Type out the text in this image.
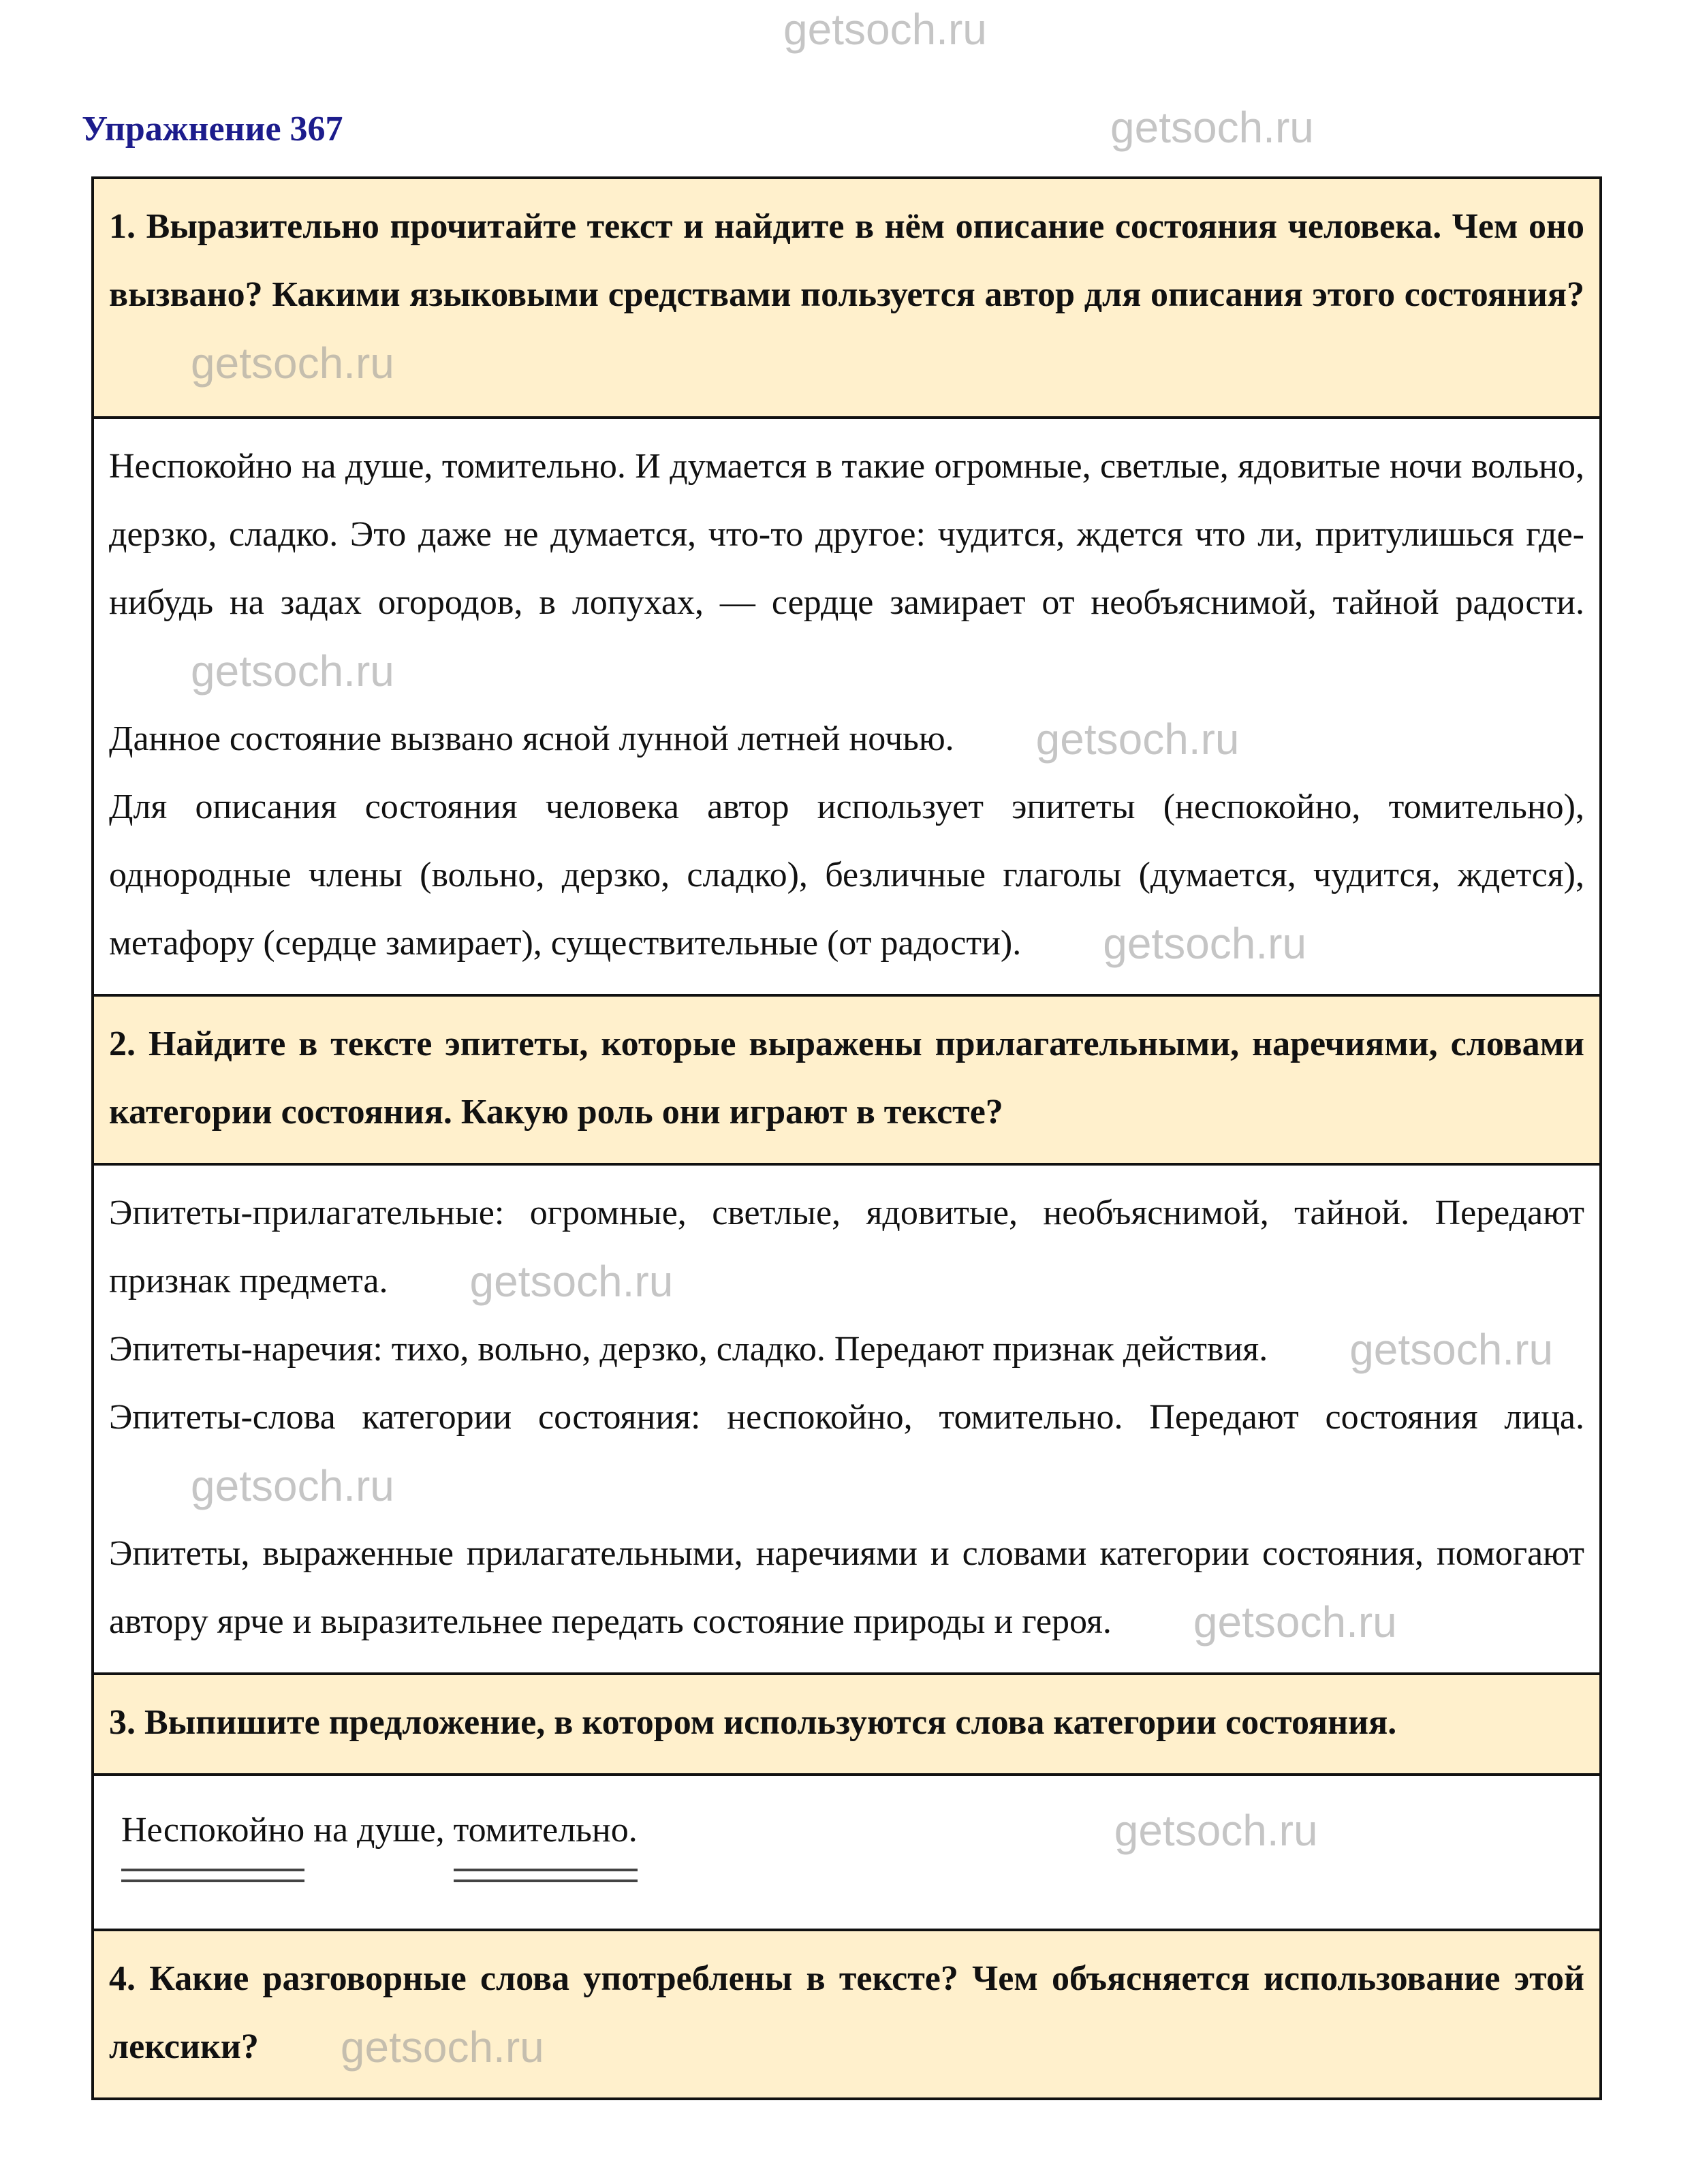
Упражнение 367
getsoch.ru
getsoch.ru
1. Выразительно прочитайте текст и найдите в нём описание состояния человека. Чем оно вызвано? Какими языковыми средствами пользуется автор для описания этого состояния?getsoch.ru

Неспокойно на душе, томительно. И думается в такие огромные, светлые, ядовитые ночи вольно, дерзко, сладко. Это даже не думается, что-то другое: чудится, ждется что ли, притулишься где-нибудь на задах огородов, в лопухах, — сердце замирает от необъяснимой, тайной радости.getsoch.ru

Данное состояние вызвано ясной лунной летней ночью. getsoch.ru

Для описания состояния человека автор использует эпитеты (неспокойно, томительно), однородные члены (вольно, дерзко, сладко), безличные глаголы (думается, чудится, ждется), метафору (сердце замирает), существительные (от радости). getsoch.ru

2. Найдите в тексте эпитеты, которые выражены прилагательными, наречиями, словами категории состояния. Какую роль они играют в тексте?

Эпитеты-прилагательные: огромные, светлые, ядовитые, необъяснимой, тайной. Передают признак предмета. getsoch.ru

Эпитеты-наречия: тихо, вольно, дерзко, сладко. Передают признак действия. getsoch.ru

Эпитеты-слова категории состояния: неспокойно, томительно. Передают состояния лица.getsoch.ru

Эпитеты, выраженные прилагательными, наречиями и словами категории состояния, помогают автору ярче и выразительнее передать состояние природы и героя. getsoch.ru

3. Выпишите предложение, в котором используются слова категории состояния.
Неспокойно на душе, томительно.	getsoch.ru
4. Какие разговорные слова употреблены в тексте? Чем объясняется использование этой лексики? getsoch.ru
